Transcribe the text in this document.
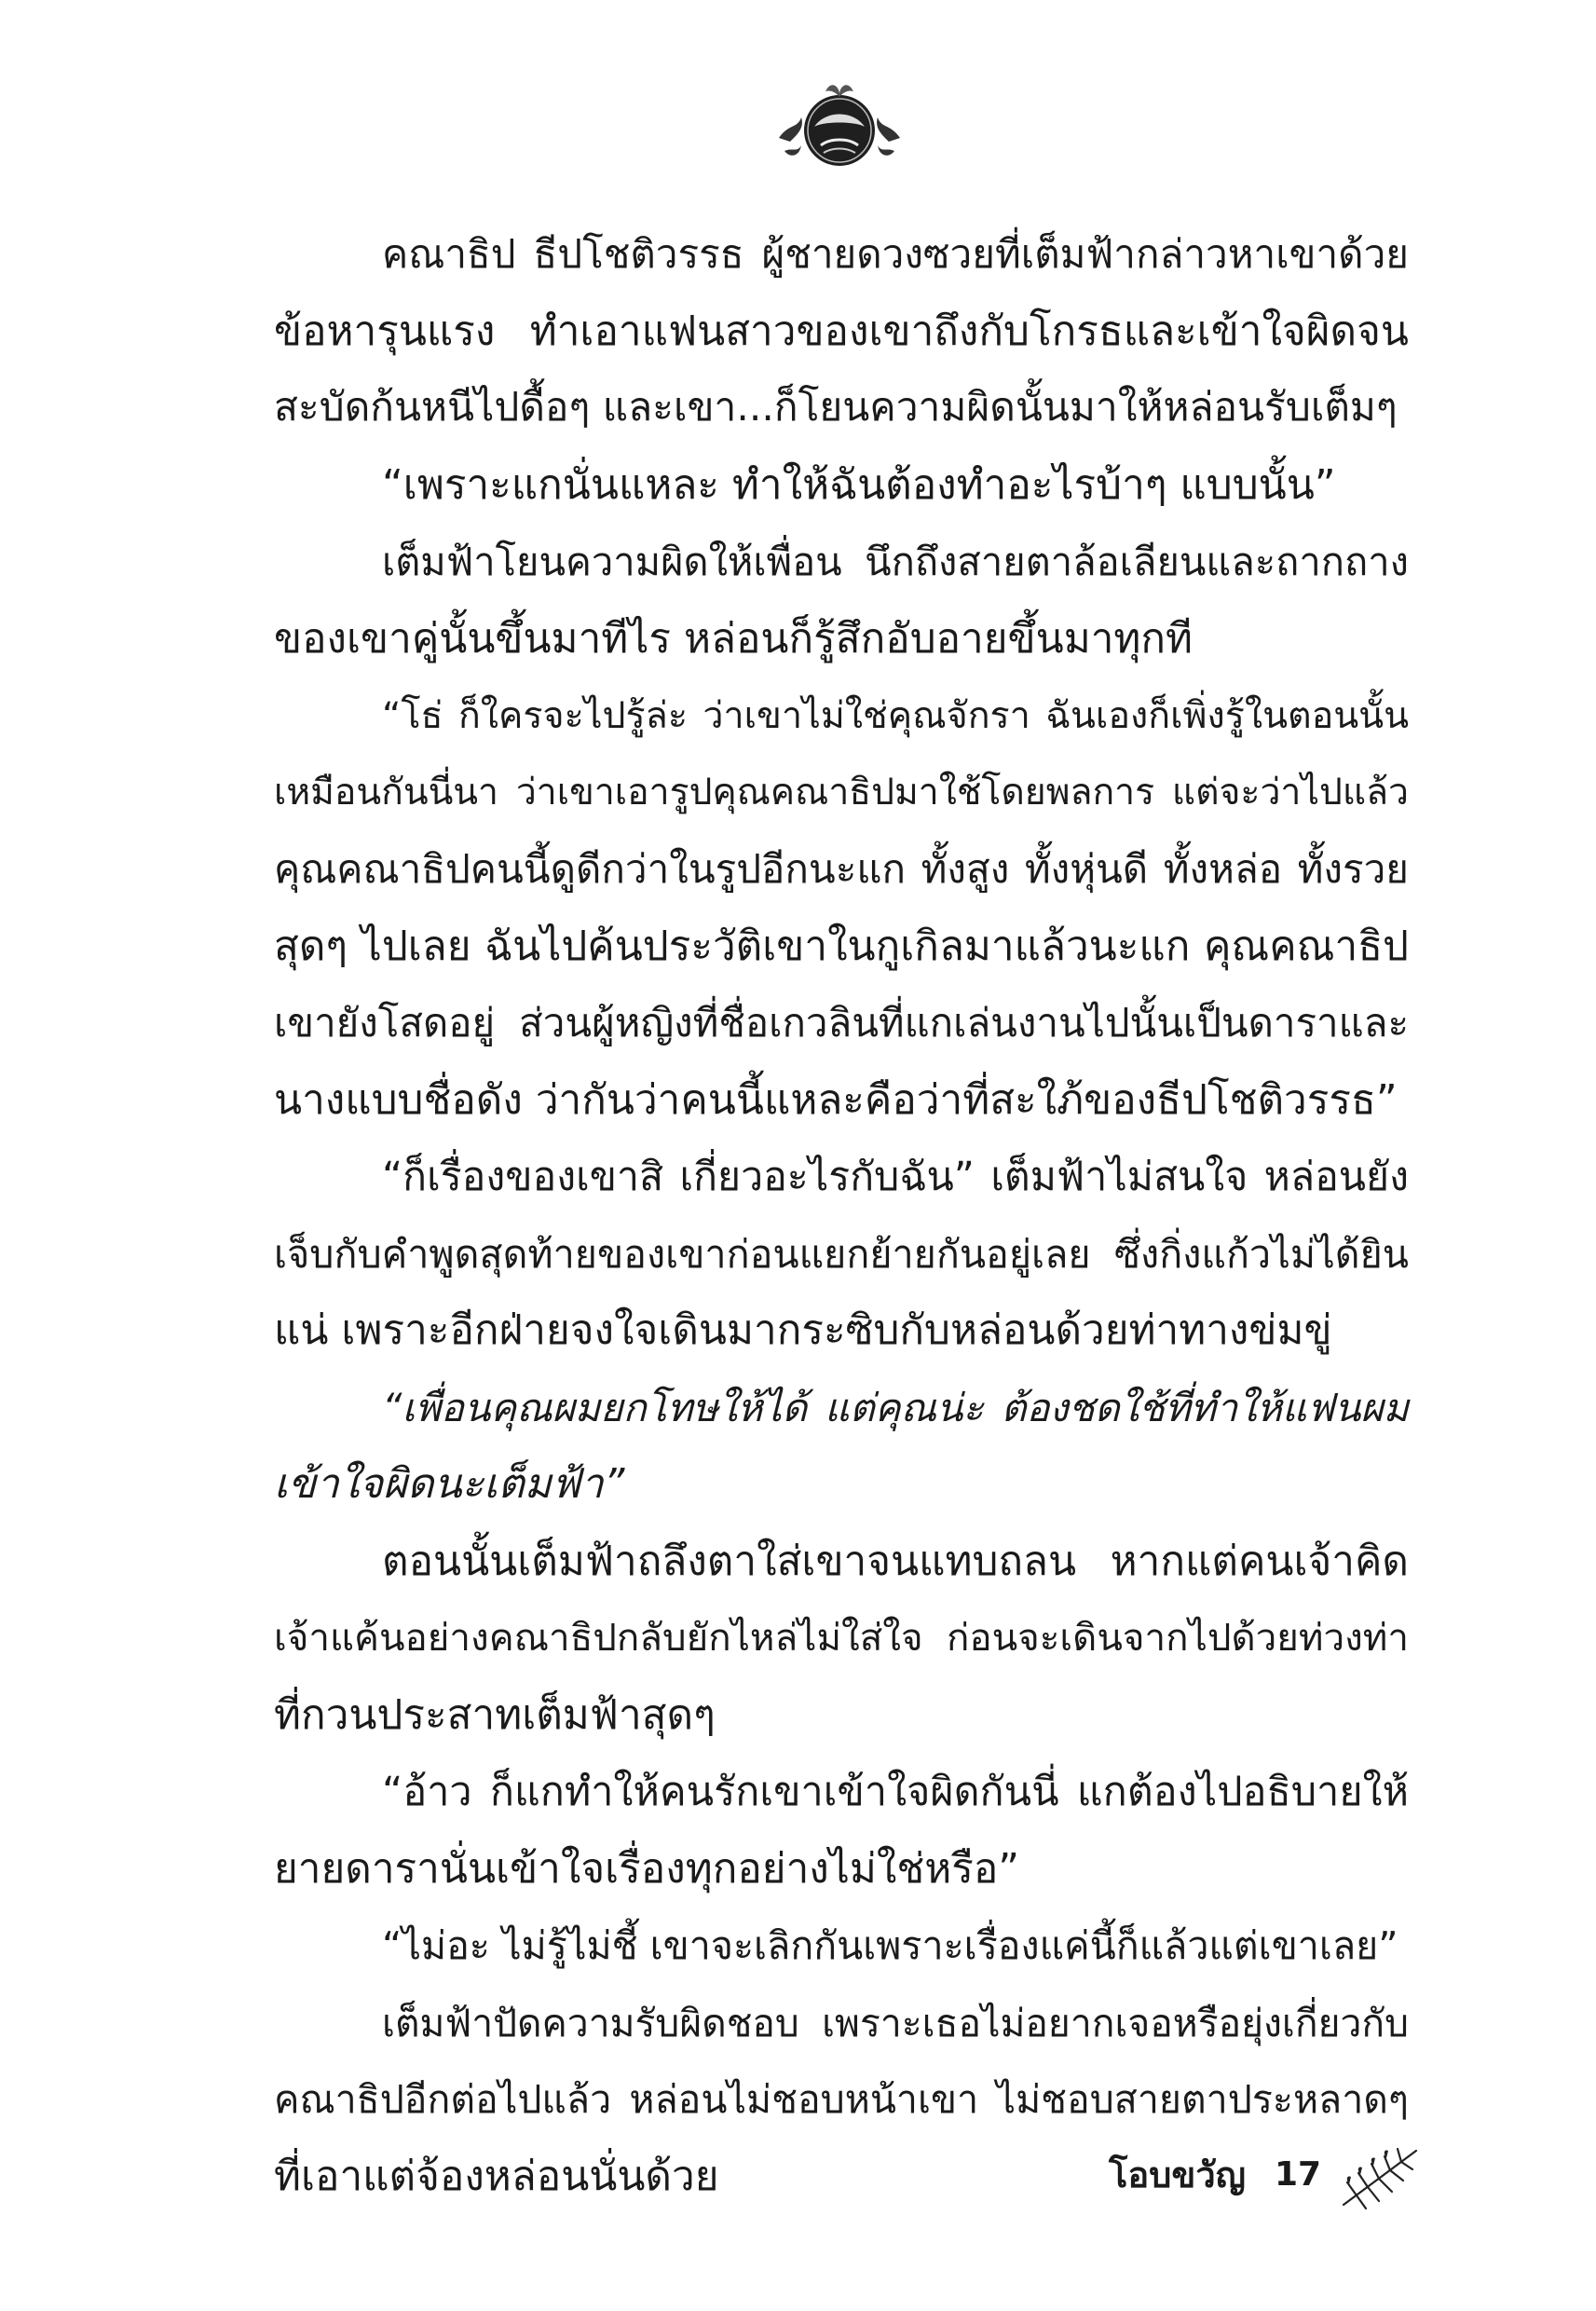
คณาธิป ธีปโชติวรรธ ผู้ชายดวงซวยที่เต็มฟ้ากล่าวหาเขาด้วย
ข้อหารุนแรง ทำเอาแฟนสาวของเขาถึงกับโกรธและเข้าใจผิดจน
สะบัดก้นหนีไปดื้อๆ และเขา...ก็โยนความผิดนั้นมาให้หล่อนรับเต็มๆ
“เพราะแกนั่นแหละ ทำให้ฉันต้องทำอะไรบ้าๆ แบบนั้น”
เต็มฟ้าโยนความผิดให้เพื่อน นึกถึงสายตาล้อเลียนและถากถาง
ของเขาคู่นั้นขึ้นมาทีไร หล่อนก็รู้สึกอับอายขึ้นมาทุกที
“โธ่ ก็ใครจะไปรู้ล่ะ ว่าเขาไม่ใช่คุณจักรา ฉันเองก็เพิ่งรู้ในตอนนั้น
เหมือนกันนี่นา ว่าเขาเอารูปคุณคณาธิปมาใช้โดยพลการ แต่จะว่าไปแล้ว
คุณคณาธิปคนนี้ดูดีกว่าในรูปอีกนะแก ทั้งสูง ทั้งหุ่นดี ทั้งหล่อ ทั้งรวย
สุดๆ ไปเลย ฉันไปค้นประวัติเขาในกูเกิลมาแล้วนะแก คุณคณาธิป
เขายังโสดอยู่ ส่วนผู้หญิงที่ชื่อเกวลินที่แกเล่นงานไปนั้นเป็นดาราและ
นางแบบชื่อดัง ว่ากันว่าคนนี้แหละคือว่าที่สะใภ้ของธีปโชติวรรธ”
“ก็เรื่องของเขาสิ เกี่ยวอะไรกับฉัน” เต็มฟ้าไม่สนใจ หล่อนยัง
เจ็บกับคำพูดสุดท้ายของเขาก่อนแยกย้ายกันอยู่เลย ซึ่งกิ่งแก้วไม่ได้ยิน
แน่ เพราะอีกฝ่ายจงใจเดินมากระซิบกับหล่อนด้วยท่าทางข่มขู่
“เพื่อนคุณผมยกโทษให้ได้ แต่คุณน่ะ ต้องชดใช้ที่ทำให้แฟนผม
เข้าใจผิดนะเต็มฟ้า”
ตอนนั้นเต็มฟ้าถลึงตาใส่เขาจนแทบถลน หากแต่คนเจ้าคิด
เจ้าแค้นอย่างคณาธิปกลับยักไหล่ไม่ใส่ใจ ก่อนจะเดินจากไปด้วยท่วงท่า
ที่กวนประสาทเต็มฟ้าสุดๆ
“อ้าว ก็แกทำให้คนรักเขาเข้าใจผิดกันนี่ แกต้องไปอธิบายให้
ยายดารานั่นเข้าใจเรื่องทุกอย่างไม่ใช่หรือ”
“ไม่อะ ไม่รู้ไม่ชี้ เขาจะเลิกกันเพราะเรื่องแค่นี้ก็แล้วแต่เขาเลย”
เต็มฟ้าปัดความรับผิดชอบ เพราะเธอไม่อยากเจอหรือยุ่งเกี่ยวกับ
คณาธิปอีกต่อไปแล้ว หล่อนไม่ชอบหน้าเขา ไม่ชอบสายตาประหลาดๆ
ที่เอาแต่จ้องหล่อนนั่นด้วย	โอบขวัญ 17
